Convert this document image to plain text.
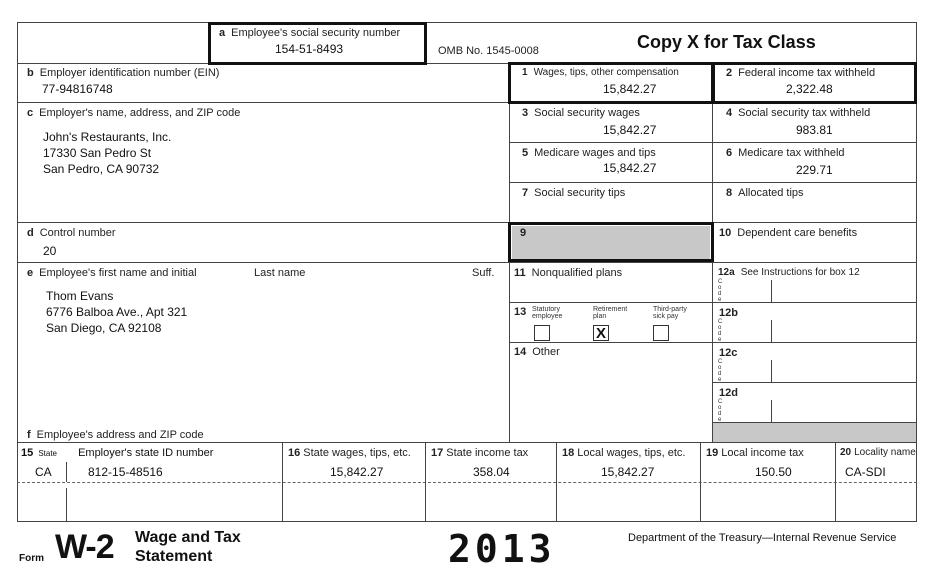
a Employee's social security number
154-51-8493	OMB No. 1545-0008	Copy X for Tax Class
b Employer identification number (EIN)
77-94816748
1 Wages, tips, other compensation
15,842.27
2 Federal income tax withheld
2,322.48
c Employer's name, address, and ZIP code
John's Restaurants, Inc.
17330 San Pedro St
San Pedro, CA 90732
3 Social security wages
15,842.27
4 Social security tax withheld
983.81
5 Medicare wages and tips
15,842.27
6 Medicare tax withheld
229.71
7 Social security tips	8 Allocated tips
d Control number
20
9	10 Dependent care benefits
e Employee's first name and initial	Last name	Suff.
Thom Evans
6776 Balboa Ave., Apt 321
San Diego, CA 92108
f Employee's address and ZIP code
11 Nonqualified plans	12a See Instructions for box 12
C
o
d
e
13 Statutory employee
Retirement plan
Third-party sick pay
X
12b
C
o
d
e
14 Other	12c
C
o
d
e
12d
C
o
d
e
15 State Employer's state ID number
CA	812-15-48516
16 State wages, tips, etc.
15,842.27
17 State income tax
358.04
18 Local wages, tips, etc.
15,842.27
19 Local income tax
150.50
20 Locality name
CA-SDI
Form W-2 Wage and Tax
Statement	2013	Department of the Treasury—Internal Revenue Service
